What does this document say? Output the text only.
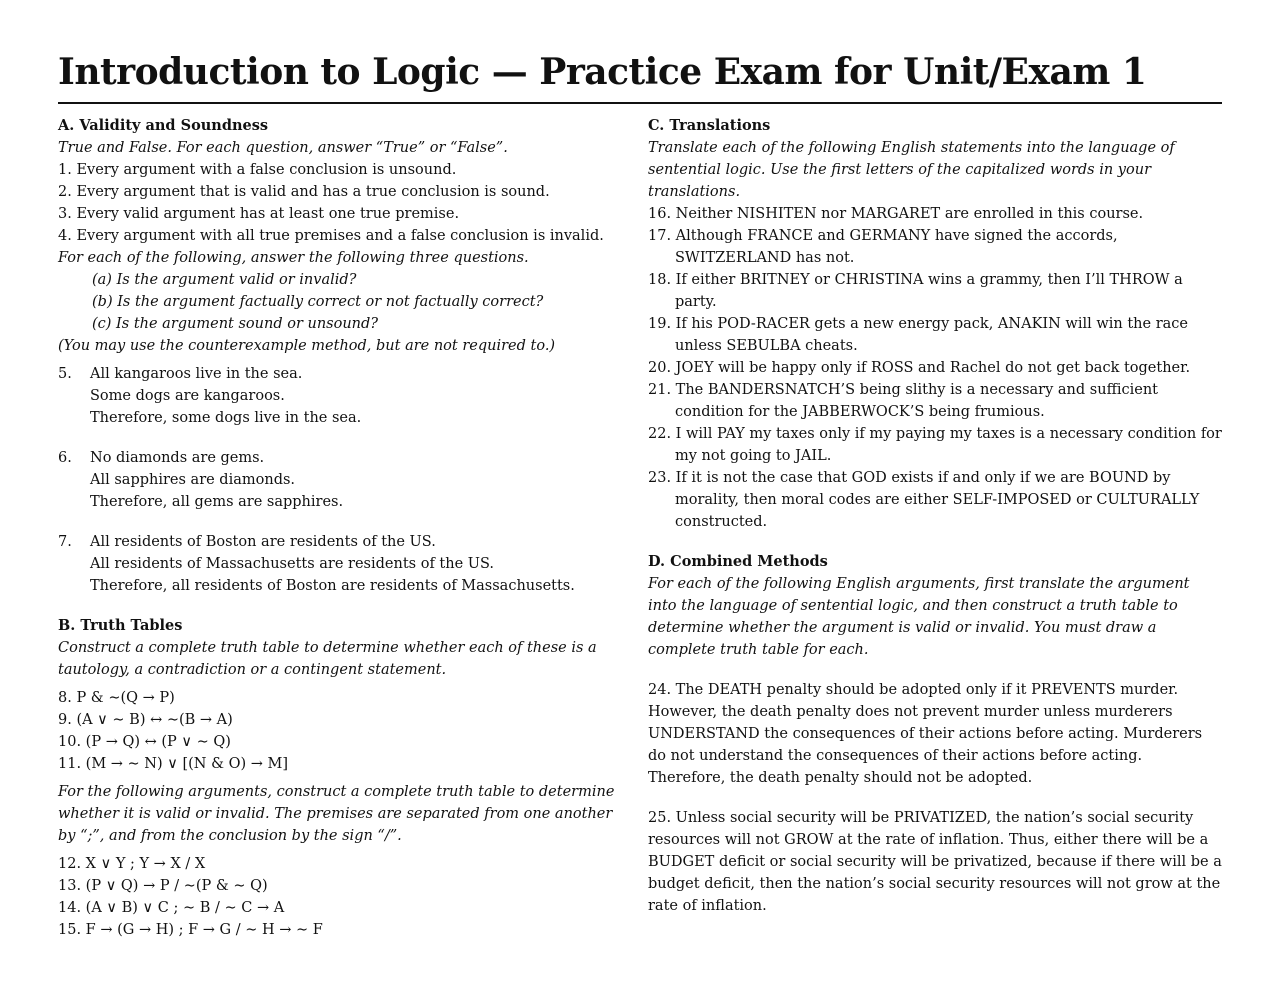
Introduction to Logic — Practice Exam for Unit/Exam 1

A. Validity and Soundness

True and False. For each question, answer “True” or “False”.

1. Every argument with a false conclusion is unsound.

2. Every argument that is valid and has a true conclusion is sound.

3. Every valid argument has at least one true premise.

4. Every argument with all true premises and a false conclusion is invalid.

For each of the following, answer the following three questions.

(a) Is the argument valid or invalid?

(b) Is the argument factually correct or not factually correct?

(c) Is the argument sound or unsound?

(You may use the counterexample method, but are not required to.)

5.	All kangaroos live in the sea.

Some dogs are kangaroos.

Therefore, some dogs live in the sea.

6.	No diamonds are gems.

All sapphires are diamonds.

Therefore, all gems are sapphires.

7.	All residents of Boston are residents of the US.

All residents of Massachusetts are residents of the US.

Therefore, all residents of Boston are residents of Massachusetts.

B. Truth Tables

Construct a complete truth table to determine whether each of these is a tautology, a contradiction or a contingent statement.

8. P & ∼(Q → P)

9. (A ∨ ∼ B) ↔ ∼(B → A)

10. (P → Q) ↔ (P ∨ ∼ Q)

11. (M → ∼ N) ∨ [(N & O) → M]

For the following arguments, construct a complete truth table to determine whether it is valid or invalid. The premises are separated from one another by “;”, and from the conclusion by the sign “/”.

12. X ∨ Y ; Y → X / X

13. (P ∨ Q) → P / ∼(P & ∼ Q)

14. (A ∨ B) ∨ C ; ∼ B / ∼ C → A

15. F → (G → H) ; F → G / ∼ H → ∼ F

C. Translations

Translate each of the following English statements into the language of sentential logic. Use the first letters of the capitalized words in your translations.

16. Neither NISHITEN nor MARGARET are enrolled in this course.

17. Although FRANCE and GERMANY have signed the accords, SWITZERLAND has not.

18. If either BRITNEY or CHRISTINA wins a grammy, then I’ll THROW a party.

19. If his POD-RACER gets a new energy pack, ANAKIN will win the race unless SEBULBA cheats.

20. JOEY will be happy only if ROSS and Rachel do not get back together.

21. The BANDERSNATCH’S being slithy is a necessary and sufficient condition for the JABBERWOCK’S being frumious.

22. I will PAY my taxes only if my paying my taxes is a necessary condition for my not going to JAIL.

23. If it is not the case that GOD exists if and only if we are BOUND by morality, then moral codes are either SELF-IMPOSED or CULTURALLY constructed.

D. Combined Methods

For each of the following English arguments, first translate the argument into the language of sentential logic, and then construct a truth table to determine whether the argument is valid or invalid. You must draw a complete truth table for each.

24. The DEATH penalty should be adopted only if it PREVENTS murder. However, the death penalty does not prevent murder unless murderers UNDERSTAND the consequences of their actions before acting. Murderers do not understand the consequences of their actions before acting. Therefore, the death penalty should not be adopted.

25. Unless social security will be PRIVATIZED, the nation’s social security resources will not GROW at the rate of inflation. Thus, either there will be a BUDGET deficit or social security will be privatized, because if there will be a budget deficit, then the nation’s social security resources will not grow at the rate of inflation.
